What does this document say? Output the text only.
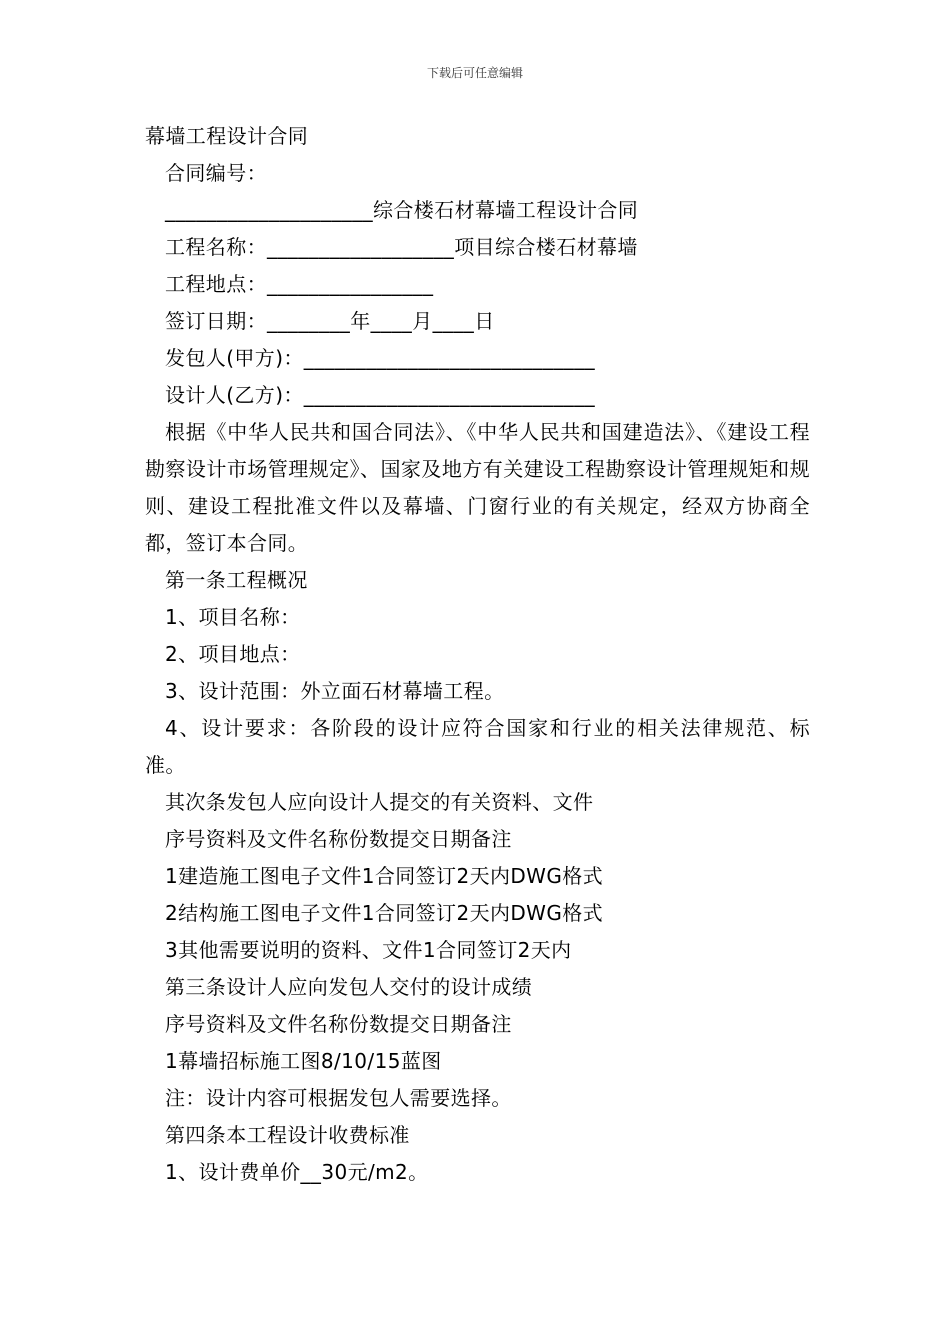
下载后可任意编辑
幕墙工程设计合同
合同编号：
____________________综合楼石材幕墙工程设计合同
工程名称：__________________项目综合楼石材幕墙
工程地点：________________
签订日期：________年____月____日
发包人(甲方)：____________________________
设计人(乙方)：____________________________
根据《中华人民共和国合同法》、《中华人民共和国建造法》、《建设工程勘察设计市场管理规定》、国家及地方有关建设工程勘察设计管理规矩和规则、建设工程批准文件以及幕墙、门窗行业的有关规定，经双方协商全都，签订本合同。
第一条工程概况
1、项目名称：
2、项目地点：
3、设计范围：外立面石材幕墙工程。
4、设计要求：各阶段的设计应符合国家和行业的相关法律规范、标准。
其次条发包人应向设计人提交的有关资料、文件
序号资料及文件名称份数提交日期备注
1建造施工图电子文件1合同签订2天内DWG格式
2结构施工图电子文件1合同签订2天内DWG格式
3其他需要说明的资料、文件1合同签订2天内
第三条设计人应向发包人交付的设计成绩
序号资料及文件名称份数提交日期备注
1幕墙招标施工图8/10/15蓝图
注：设计内容可根据发包人需要选择。
第四条本工程设计收费标准
1、设计费单价__30元/m2。
